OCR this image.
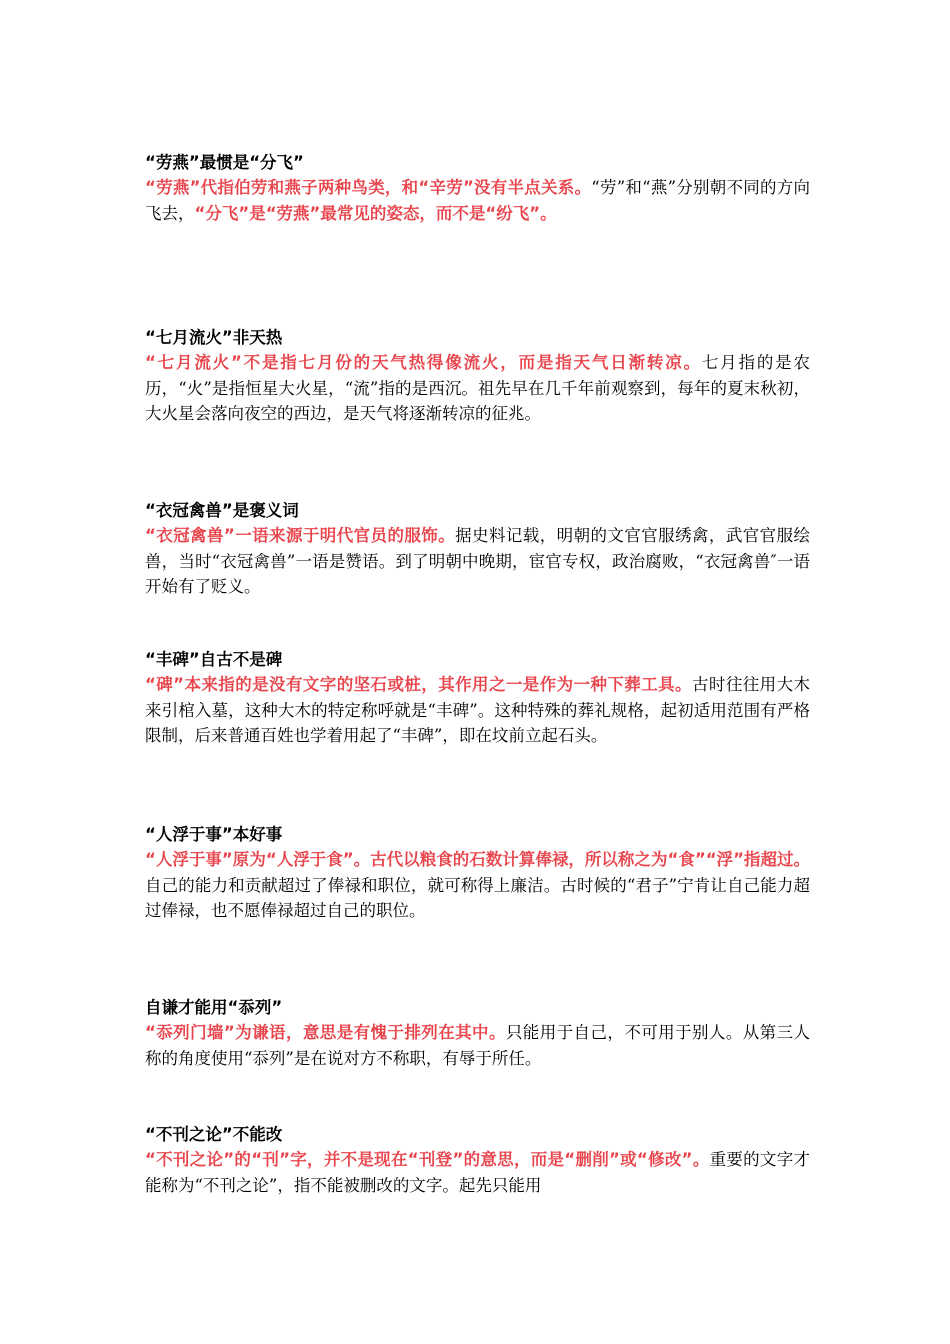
“劳燕”最惯是“分飞”

“劳燕”代指伯劳和燕子两种鸟类，和“辛劳”没有半点关系。“劳”和“燕”分别朝不同的方向飞去，“分飞”是“劳燕”最常见的姿态，而不是“纷飞”。

“七月流火”非天热

“七月流火”不是指七月份的天气热得像流火，而是指天气日渐转凉。七月指的是农历，“火”是指恒星大火星，“流”指的是西沉。祖先早在几千年前观察到，每年的夏末秋初，大火星会落向夜空的西边，是天气将逐渐转凉的征兆。

“衣冠禽兽”是褒义词

“衣冠禽兽”一语来源于明代官员的服饰。据史料记载，明朝的文官官服绣禽，武官官服绘兽，当时“衣冠禽兽”一语是赞语。到了明朝中晚期，宦官专权，政治腐败，“衣冠禽兽″一语开始有了贬义。

“丰碑”自古不是碑

“碑”本来指的是没有文字的坚石或桩，其作用之一是作为一种下葬工具。古时往往用大木来引棺入墓，这种大木的特定称呼就是“丰碑”。这种特殊的葬礼规格，起初适用范围有严格限制，后来普通百姓也学着用起了“丰碑”，即在坟前立起石头。

“人浮于事”本好事

“人浮于事”原为“人浮于食”。古代以粮食的石数计算俸禄，所以称之为“食”“浮”指超过。自己的能力和贡献超过了俸禄和职位，就可称得上廉洁。古时候的“君子”宁肯让自己能力超过俸禄，也不愿俸禄超过自己的职位。

自谦才能用“忝列”

“忝列门墙”为谦语，意思是有愧于排列在其中。只能用于自己，不可用于别人。从第三人称的角度使用“忝列”是在说对方不称职，有辱于所任。

“不刊之论”不能改

“不刊之论”的“刊”字，并不是现在“刊登”的意思，而是“删削”或“修改”。重要的文字才能称为“不刊之论”，指不能被删改的文字。起先只能用
